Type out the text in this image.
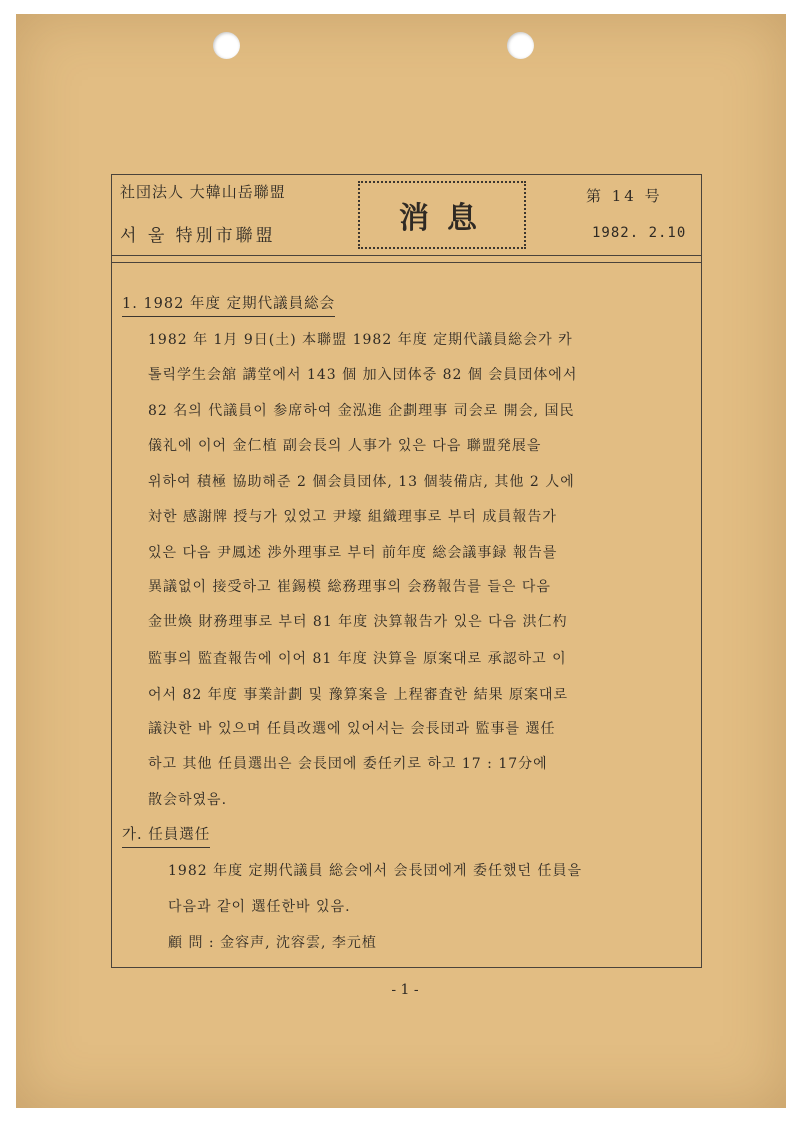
社団法人 大韓山岳聯盟
서 울 特別市聯盟	消息
第 14 号
1982. 2.10
1. 1982 年度 定期代議員総会
1982 年 1月 9日(土) 本聯盟 1982 年度 定期代議員総会가 카
톨릭学生会舘 講堂에서 143 個 加入団体중 82 個 会員団体에서
82 名의 代議員이 参席하여 金泓進 企劃理事 司会로 開会, 国民
儀礼에 이어 金仁植 副会長의 人事가 있은 다음 聯盟発展을
위하여 積極 協助해준 2 個会員団体, 13 個装備店, 其他 2 人에
対한 感謝牌 授与가 있었고 尹壕 組織理事로 부터 成員報告가
있은 다음 尹鳳述 渉外理事로 부터 前年度 総会議事録 報告를
異議없이 接受하고 崔錫模 総務理事의 会務報告를 들은 다음
金世煥 財務理事로 부터 81 年度 決算報告가 있은 다음 洪仁杓
監事의 監査報告에 이어 81 年度 決算을 原案대로 承認하고 이
어서 82 年度 事業計劃 및 豫算案을 上程審査한 結果 原案대로
議決한 바 있으며 任員改選에 있어서는 会長団과 監事를 選任
하고 其他 任員選出은 会長団에 委任키로 하고 17 : 17分에
散会하였음.
가. 任員選任
1982 年度 定期代議員 総会에서 会長団에게 委任했던 任員을
다음과 같이 選任한바 있음.
顧 問 : 金容声, 沈容雲, 李元植
- 1 -
